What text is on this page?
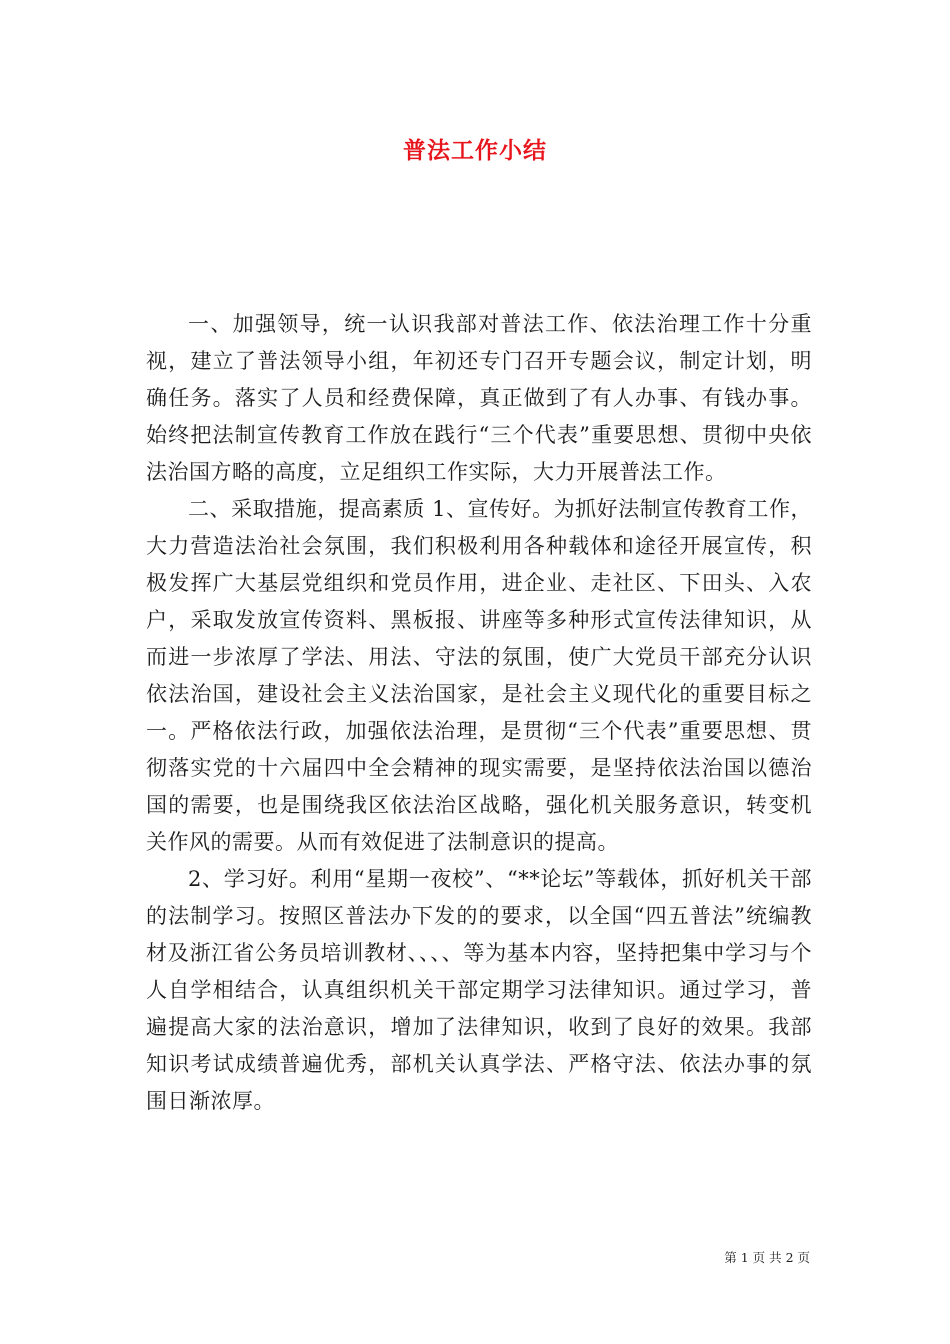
普法工作小结

一、加强领导，统一认识我部对普法工作、依法治理工作十分重视，建立了普法领导小组，年初还专门召开专题会议，制定计划，明确任务。落实了人员和经费保障，真正做到了有人办事、有钱办事。始终把法制宣传教育工作放在践行“三个代表”重要思想、贯彻中央依法治国方略的高度，立足组织工作实际，大力开展普法工作。

二、采取措施，提高素质 1、宣传好。为抓好法制宣传教育工作，大力营造法治社会氛围，我们积极利用各种载体和途径开展宣传，积极发挥广大基层党组织和党员作用，进企业、走社区、下田头、入农户，采取发放宣传资料、黑板报、讲座等多种形式宣传法律知识，从而进一步浓厚了学法、用法、守法的氛围，使广大党员干部充分认识依法治国，建设社会主义法治国家，是社会主义现代化的重要目标之一。严格依法行政，加强依法治理，是贯彻“三个代表”重要思想、贯彻落实党的十六届四中全会精神的现实需要，是坚持依法治国以德治国的需要，也是围绕我区依法治区战略，强化机关服务意识，转变机关作风的需要。从而有效促进了法制意识的提高。

2、学习好。利用“星期一夜校”、“**论坛”等载体，抓好机关干部的法制学习。按照区普法办下发的的要求，以全国“四五普法”统编教材及浙江省公务员培训教材、、、、等为基本内容，坚持把集中学习与个人自学相结合，认真组织机关干部定期学习法律知识。通过学习，普遍提高大家的法治意识，增加了法律知识，收到了良好的效果。我部知识考试成绩普遍优秀，部机关认真学法、严格守法、依法办事的氛围日渐浓厚。

第 1 页 共 2 页
